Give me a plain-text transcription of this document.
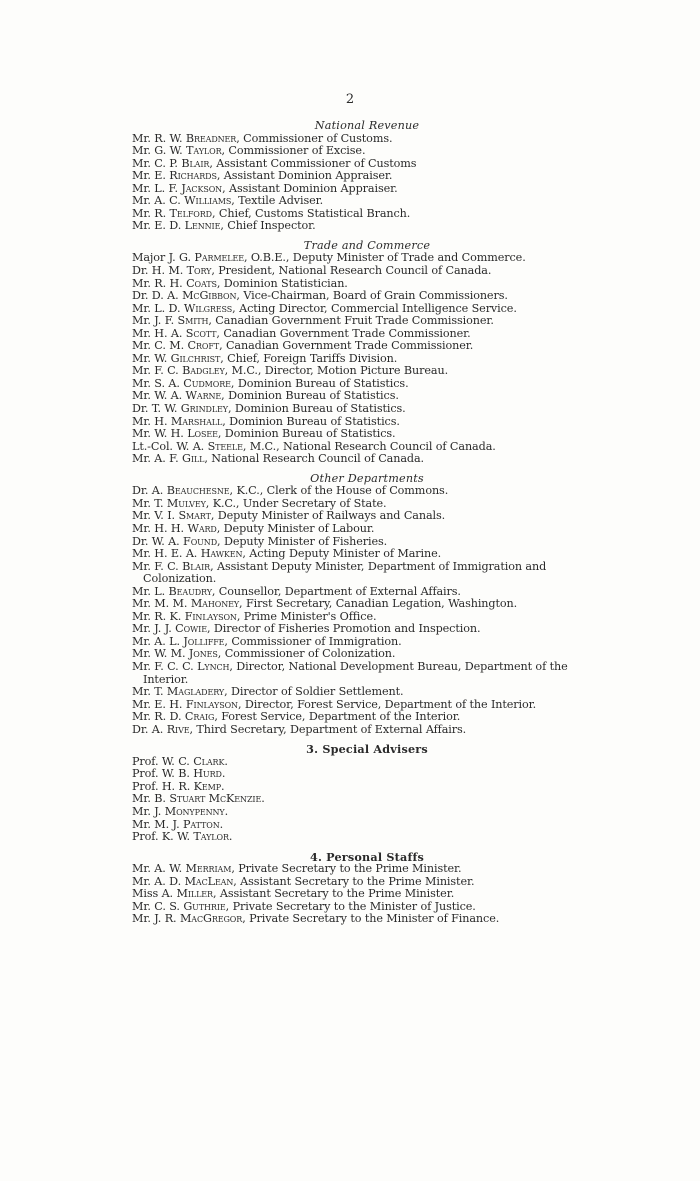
2
National Revenue
Mr. R. W. Breadner, Commissioner of Customs.
Mr. G. W. Taylor, Commissioner of Excise.
Mr. C. P. Blair, Assistant Commissioner of Customs
Mr. E. Richards, Assistant Dominion Appraiser.
Mr. L. F. Jackson, Assistant Dominion Appraiser.
Mr. A. C. Williams, Textile Adviser.
Mr. R. Telford, Chief, Customs Statistical Branch.
Mr. E. D. Lennie, Chief Inspector.
Trade and Commerce
Major J. G. Parmelee, O.B.E., Deputy Minister of Trade and Commerce.
Dr. H. M. Tory, President, National Research Council of Canada.
Mr. R. H. Coats, Dominion Statistician.
Dr. D. A. McGibbon, Vice-Chairman, Board of Grain Commissioners.
Mr. L. D. Wilgress, Acting Director, Commercial Intelligence Service.
Mr. J. F. Smith, Canadian Government Fruit Trade Commissioner.
Mr. H. A. Scott, Canadian Government Trade Commissioner.
Mr. C. M. Croft, Canadian Government Trade Commissioner.
Mr. W. Gilchrist, Chief, Foreign Tariffs Division.
Mr. F. C. Badgley, M.C., Director, Motion Picture Bureau.
Mr. S. A. Cudmore, Dominion Bureau of Statistics.
Mr. W. A. Warne, Dominion Bureau of Statistics.
Dr. T. W. Grindley, Dominion Bureau of Statistics.
Mr. H. Marshall, Dominion Bureau of Statistics.
Mr. W. H. Losee, Dominion Bureau of Statistics.
Lt.-Col. W. A. Steele, M.C., National Research Council of Canada.
Mr. A. F. Gill, National Research Council of Canada.
Other Departments
Dr. A. Beauchesne, K.C., Clerk of the House of Commons.
Mr. T. Mulvey, K.C., Under Secretary of State.
Mr. V. I. Smart, Deputy Minister of Railways and Canals.
Mr. H. H. Ward, Deputy Minister of Labour.
Dr. W. A. Found, Deputy Minister of Fisheries.
Mr. H. E. A. Hawken, Acting Deputy Minister of Marine.
Mr. F. C. Blair, Assistant Deputy Minister, Department of Immigration and Colonization.
Mr. L. Beaudry, Counsellor, Department of External Affairs.
Mr. M. M. Mahoney, First Secretary, Canadian Legation, Washington.
Mr. R. K. Finlayson, Prime Minister's Office.
Mr. J. J. Cowie, Director of Fisheries Promotion and Inspection.
Mr. A. L. Jolliffe, Commissioner of Immigration.
Mr. W. M. Jones, Commissioner of Colonization.
Mr. F. C. C. Lynch, Director, National Development Bureau, Department of the Interior.
Mr. T. Magladery, Director of Soldier Settlement.
Mr. E. H. Finlayson, Director, Forest Service, Department of the Interior.
Mr. R. D. Craig, Forest Service, Department of the Interior.
Dr. A. Rive, Third Secretary, Department of External Affairs.
3. Special Advisers
Prof. W. C. Clark.
Prof. W. B. Hurd.
Prof. H. R. Kemp.
Mr. B. Stuart McKenzie.
Mr. J. Monypenny.
Mr. M. J. Patton.
Prof. K. W. Taylor.
4. Personal Staffs
Mr. A. W. Merriam, Private Secretary to the Prime Minister.
Mr. A. D. MacLean, Assistant Secretary to the Prime Minister.
Miss A. Miller, Assistant Secretary to the Prime Minister.
Mr. C. S. Guthrie, Private Secretary to the Minister of Justice.
Mr. J. R. MacGregor, Private Secretary to the Minister of Finance.
